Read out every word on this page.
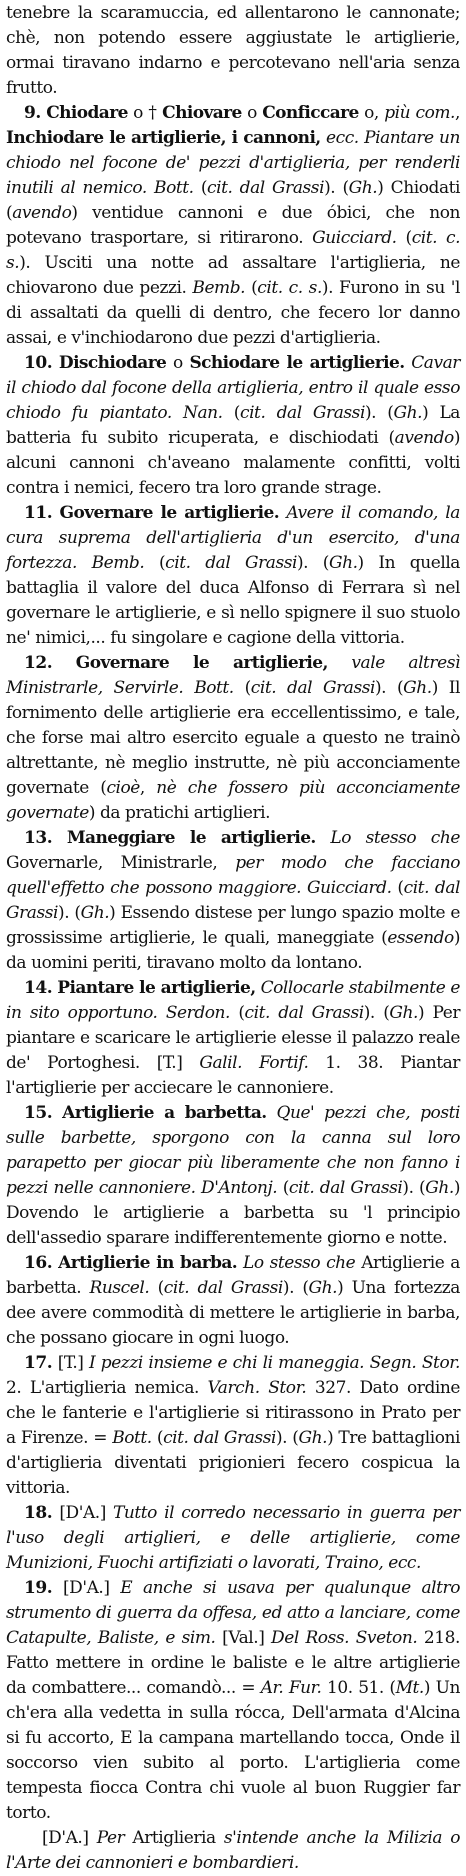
tenebre la scaramuccia, ed allentarono le cannonate; chè, non potendo essere aggiustate le artiglierie, ormai tiravano indarno e percotevano nell'aria senza frutto.

9. Chiodare o † Chiovare o Conficcare o, più com., Inchiodare le artiglierie, i cannoni, ecc. Piantare un chiodo nel focone de' pezzi d'artiglieria, per renderli inutili al nemico. Bott. (cit. dal Grassi). (Gh.) Chiodati (avendo) ventidue cannoni e due óbici, che non potevano trasportare, si ritirarono. Guicciard. (cit. c. s.). Usciti una notte ad assaltare l'artiglieria, ne chiovarono due pezzi. Bemb. (cit. c. s.). Furono in su 'l di assaltati da quelli di dentro, che fecero lor danno assai, e v'inchiodarono due pezzi d'artiglieria.

10. Dischiodare o Schiodare le artiglierie. Cavar il chiodo dal focone della artiglieria, entro il quale esso chiodo fu piantato. Nan. (cit. dal Grassi). (Gh.) La batteria fu subito ricuperata, e dischiodati (avendo) alcuni cannoni ch'aveano malamente confitti, volti contra i nemici, fecero tra loro grande strage.

11. Governare le artiglierie. Avere il comando, la cura suprema dell'artiglieria d'un esercito, d'una fortezza. Bemb. (cit. dal Grassi). (Gh.) In quella battaglia il valore del duca Alfonso di Ferrara sì nel governare le artiglierie, e sì nello spignere il suo stuolo ne' nimici,... fu singolare e cagione della vittoria.

12. Governare le artiglierie, vale altresì Ministrarle, Servirle. Bott. (cit. dal Grassi). (Gh.) Il fornimento delle artiglierie era eccellentissimo, e tale, che forse mai altro esercito eguale a questo ne trainò altrettante, nè meglio instrutte, nè più acconciamente governate (cioè, nè che fossero più acconciamente governate) da pratichi artiglieri.

13. Maneggiare le artiglierie. Lo stesso che Governarle, Ministrarle, per modo che facciano quell'effetto che possono maggiore. Guicciard. (cit. dal Grassi). (Gh.) Essendo distese per lungo spazio molte e grossissime artiglierie, le quali, maneggiate (essendo) da uomini periti, tiravano molto da lontano.

14. Piantare le artiglierie, Collocarle stabilmente e in sito opportuno. Serdon. (cit. dal Grassi). (Gh.) Per piantare e scaricare le artiglierie elesse il palazzo reale de' Portoghesi. [T.] Galil. Fortif. 1. 38. Piantar l'artiglierie per acciecare le cannoniere.

15. Artiglierie a barbetta. Que' pezzi che, posti sulle barbette, sporgono con la canna sul loro parapetto per giocar più liberamente che non fanno i pezzi nelle cannoniere. D'Antonj. (cit. dal Grassi). (Gh.) Dovendo le artiglierie a barbetta su 'l principio dell'assedio sparare indifferentemente giorno e notte.

16. Artiglierie in barba. Lo stesso che Artiglierie a barbetta. Ruscel. (cit. dal Grassi). (Gh.) Una fortezza dee avere commodità di mettere le artiglierie in barba, che possano giocare in ogni luogo.

17. [T.] I pezzi insieme e chi li maneggia. Segn. Stor. 2. L'artiglieria nemica. Varch. Stor. 327. Dato ordine che le fanterie e l'artiglierie si ritirassono in Prato per a Firenze. = Bott. (cit. dal Grassi). (Gh.) Tre battaglioni d'artiglieria diventati prigionieri fecero cospicua la vittoria.

18. [D'A.] Tutto il corredo necessario in guerra per l'uso degli artiglieri, e delle artiglierie, come Munizioni, Fuochi artifiziati o lavorati, Traino, ecc.

19. [D'A.] E anche si usava per qualunque altro strumento di guerra da offesa, ed atto a lanciare, come Catapulte, Baliste, e sim. [Val.] Del Ross. Sveton. 218. Fatto mettere in ordine le baliste e le altre artiglierie da combattere... comandò... = Ar. Fur. 10. 51. (Mt.) Un ch'era alla vedetta in sulla rócca, Dell'armata d'Alcina si fu accorto, E la campana martellando tocca, Onde il soccorso vien subito al porto. L'artiglieria come tempesta fiocca Contra chi vuole al buon Ruggier far torto.

[D'A.] Per Artiglieria s'intende anche la Milizia o l'Arte dei cannonieri e bombardieri.
